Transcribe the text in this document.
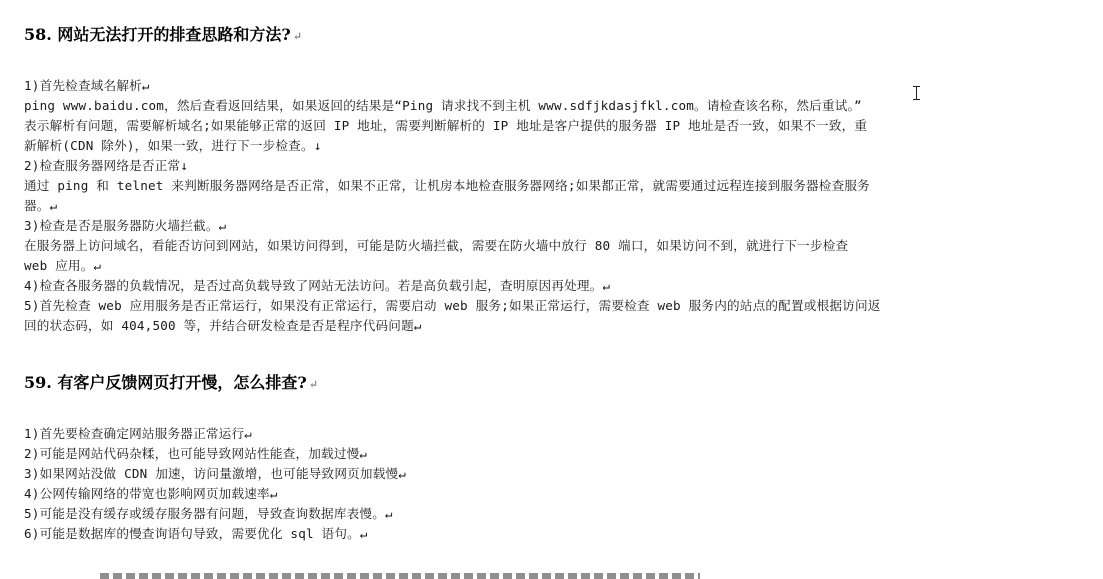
58. 网站无法打开的排查思路和方法? ↵
1)首先检查域名解析↵
ping www.baidu.com，然后查看返回结果，如果返回的结果是“Ping 请求找不到主机 www.sdfjkdasjfkl.com。请检查该名称，然后重试。”
表示解析有问题，需要解析域名;如果能够正常的返回 IP 地址，需要判断解析的 IP 地址是客户提供的服务器 IP 地址是否一致，如果不一致，重
新解析(CDN 除外)，如果一致，进行下一步检查。↓
2)检查服务器网络是否正常↓
通过 ping 和 telnet 来判断服务器网络是否正常，如果不正常，让机房本地检查服务器网络;如果都正常，就需要通过远程连接到服务器检查服务
器。↵
3)检查是否是服务器防火墙拦截。↵
在服务器上访问域名，看能否访问到网站，如果访问得到，可能是防火墙拦截，需要在防火墙中放行 80 端口，如果访问不到，就进行下一步检查
web 应用。↵
4)检查各服务器的负载情况，是否过高负载导致了网站无法访问。若是高负载引起，查明原因再处理。↵
5)首先检查 web 应用服务是否正常运行，如果没有正常运行，需要启动 web 服务;如果正常运行，需要检查 web 服务内的站点的配置或根据访问返
回的状态码，如 404,500 等，并结合研发检查是否是程序代码问题↵
59. 有客户反馈网页打开慢，怎么排查? ↵
1)首先要检查确定网站服务器正常运行↵
2)可能是网站代码杂糅，也可能导致网站性能查，加载过慢↵
3)如果网站没做 CDN 加速，访问量激增，也可能导致网页加载慢↵
4)公网传输网络的带宽也影响网页加载速率↵
5)可能是没有缓存或缓存服务器有问题，导致查询数据库表慢。↵
6)可能是数据库的慢查询语句导致，需要优化 sql 语句。↵
